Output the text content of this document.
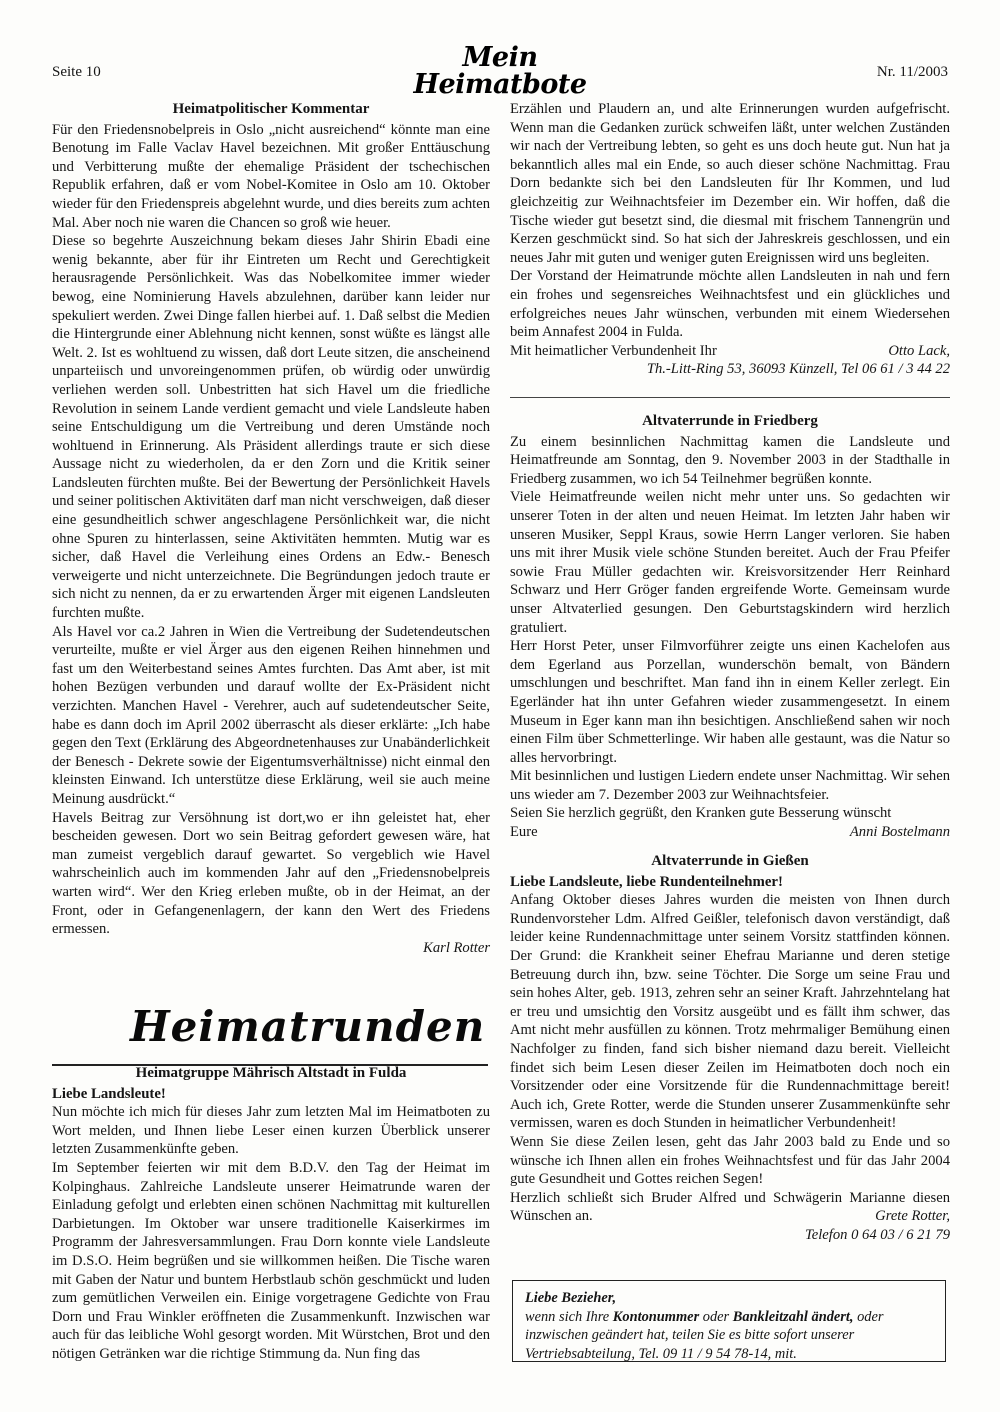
Seite 10	Mein Heimatbote	Nr. 11/2003
Heimatpolitischer Kommentar

Für den Friedensnobelpreis in Oslo „nicht ausreichend“ könnte man eine Benotung im Falle Vaclav Havel bezeichnen. Mit großer Enttäuschung und Verbitterung mußte der ehemalige Präsident der tschechischen Republik erfahren, daß er vom Nobel-Komitee in Oslo am 10. Oktober wieder für den Friedenspreis abgelehnt wurde, und dies bereits zum achten Mal. Aber noch nie waren die Chancen so groß wie heuer.

Diese so begehrte Auszeichnung bekam dieses Jahr Shirin Ebadi eine wenig bekannte, aber für ihr Eintreten um Recht und Gerechtigkeit herausragende Persönlichkeit. Was das Nobelkomitee immer wieder bewog, eine Nominierung Havels abzulehnen, darüber kann leider nur spekuliert werden. Zwei Dinge fallen hierbei auf. 1. Daß selbst die Medien die Hintergrunde einer Ablehnung nicht kennen, sonst wüßte es längst alle Welt. 2. Ist es wohltuend zu wissen, daß dort Leute sitzen, die anscheinend unparteiisch und unvoreingenommen prüfen, ob würdig oder unwürdig verliehen werden soll. Unbestritten hat sich Havel um die friedliche Revolution in seinem Lande verdient gemacht und viele Landsleute haben seine Entschuldigung um die Vertreibung und deren Umstände noch wohltuend in Erinnerung. Als Präsident allerdings traute er sich diese Aussage nicht zu wiederholen, da er den Zorn und die Kritik seiner Landsleuten fürchten mußte. Bei der Bewertung der Persönlichkeit Havels und seiner politischen Aktivitäten darf man nicht verschweigen, daß dieser eine gesundheitlich schwer angeschlagene Persönlichkeit war, die nicht ohne Spuren zu hinterlassen, seine Aktivitäten hemmten. Mutig war es sicher, daß Havel die Verleihung eines Ordens an Edw.- Benesch verweigerte und nicht unterzeichnete. Die Begründungen jedoch traute er sich nicht zu nennen, da er zu erwartenden Ärger mit eigenen Landsleuten furchten mußte.

Als Havel vor ca.2 Jahren in Wien die Vertreibung der Sudetendeutschen verurteilte, mußte er viel Ärger aus den eigenen Reihen hinnehmen und fast um den Weiterbestand seines Amtes furchten. Das Amt aber, ist mit hohen Bezügen verbunden und darauf wollte der Ex-Präsident nicht verzichten. Manchen Havel - Verehrer, auch auf sudetendeutscher Seite, habe es dann doch im April 2002 überrascht als dieser erklärte: „Ich habe gegen den Text (Erklärung des Abgeordnetenhauses zur Unabänderlichkeit der Benesch - Dekrete sowie der Eigentumsverhältnisse) nicht einmal den kleinsten Einwand. Ich unterstütze diese Erklärung, weil sie auch meine Meinung ausdrückt.“

Havels Beitrag zur Versöhnung ist dort,wo er ihn geleistet hat, eher bescheiden gewesen. Dort wo sein Beitrag gefordert gewesen wäre, hat man zumeist vergeblich darauf gewartet. So vergeblich wie Havel wahrscheinlich auch im kommenden Jahr auf den „Friedensnobelpreis warten wird“. Wer den Krieg erleben mußte, ob in der Heimat, an der Front, oder in Gefangenenlagern, der kann den Wert des Friedens ermessen.

Karl Rotter
Heimatrunden
Heimatgruppe Mährisch Altstadt in Fulda

Liebe Landsleute!

Nun möchte ich mich für dieses Jahr zum letzten Mal im Heimatboten zu Wort melden, und Ihnen liebe Leser einen kurzen Überblick unserer letzten Zusammenkünfte geben.

Im September feierten wir mit dem B.D.V. den Tag der Heimat im Kolpinghaus. Zahlreiche Landsleute unserer Heimatrunde waren der Einladung gefolgt und erlebten einen schönen Nachmittag mit kulturellen Darbietungen. Im Oktober war unsere traditionelle Kaiserkirmes im Programm der Jahresversammlungen. Frau Dorn konnte viele Landsleute im D.S.O. Heim begrüßen und sie willkommen heißen. Die Tische waren mit Gaben der Natur und buntem Herbstlaub schön geschmückt und luden zum gemütlichen Verweilen ein. Einige vorgetragene Gedichte von Frau Dorn und Frau Winkler eröffneten die Zusammenkunft. Inzwischen war auch für das leibliche Wohl gesorgt worden. Mit Würstchen, Brot und den nötigen Getränken war die richtige Stimmung da. Nun fing das

Erzählen und Plaudern an, und alte Erinnerungen wurden aufgefrischt. Wenn man die Gedanken zurück schweifen läßt, unter welchen Zuständen wir nach der Vertreibung lebten, so geht es uns doch heute gut. Nun hat ja bekanntlich alles mal ein Ende, so auch dieser schöne Nachmittag. Frau Dorn bedankte sich bei den Landsleuten für Ihr Kommen, und lud gleichzeitig zur Weihnachtsfeier im Dezember ein. Wir hoffen, daß die Tische wieder gut besetzt sind, die diesmal mit frischem Tannengrün und Kerzen geschmückt sind. So hat sich der Jahreskreis geschlossen, und ein neues Jahr mit guten und weniger guten Ereignissen wird uns begleiten.

Der Vorstand der Heimatrunde möchte allen Landsleuten in nah und fern ein frohes und segensreiches Weihnachtsfest und ein glückliches und erfolgreiches neues Jahr wünschen, verbunden mit einem Wiedersehen beim Annafest 2004 in Fulda.

Mit heimatlicher Verbundenheit Ihr	Otto Lack,
Th.-Litt-Ring 53, 36093 Künzell, Tel 06 61 / 3 44 22
Altvaterrunde in Friedberg

Zu einem besinnlichen Nachmittag kamen die Landsleute und Heimatfreunde am Sonntag, den 9. November 2003 in der Stadthalle in Friedberg zusammen, wo ich 54 Teilnehmer begrüßen konnte.

Viele Heimatfreunde weilen nicht mehr unter uns. So gedachten wir unserer Toten in der alten und neuen Heimat. Im letzten Jahr haben wir unseren Musiker, Seppl Kraus, sowie Herrn Langer verloren. Sie haben uns mit ihrer Musik viele schöne Stunden bereitet. Auch der Frau Pfeifer sowie Frau Müller gedachten wir. Kreisvorsitzender Herr Reinhard Schwarz und Herr Gröger fanden ergreifende Worte. Gemeinsam wurde unser Altvaterlied gesungen. Den Geburtstagskindern wird herzlich gratuliert.

Herr Horst Peter, unser Filmvorführer zeigte uns einen Kachelofen aus dem Egerland aus Porzellan, wunderschön bemalt, von Bändern umschlungen und beschriftet. Man fand ihn in einem Keller zerlegt. Ein Egerländer hat ihn unter Gefahren wieder zusammengesetzt. In einem Museum in Eger kann man ihn besichtigen. Anschließend sahen wir noch einen Film über Schmetterlinge. Wir haben alle gestaunt, was die Natur so alles hervorbringt.

Mit besinnlichen und lustigen Liedern endete unser Nachmittag. Wir sehen uns wieder am 7. Dezember 2003 zur Weihnachtsfeier.

Seien Sie herzlich gegrüßt, den Kranken gute Besserung wünscht

Eure	Anni Bostelmann
Altvaterrunde in Gießen

Liebe Landsleute, liebe Rundenteilnehmer!

Anfang Oktober dieses Jahres wurden die meisten von Ihnen durch Rundenvorsteher Ldm. Alfred Geißler, telefonisch davon verständigt, daß leider keine Rundennachmittage unter seinem Vorsitz stattfinden können. Der Grund: die Krankheit seiner Ehefrau Marianne und deren stetige Betreuung durch ihn, bzw. seine Töchter. Die Sorge um seine Frau und sein hohes Alter, geb. 1913, zehren sehr an seiner Kraft. Jahrzehntelang hat er treu und umsichtig den Vorsitz ausgeübt und es fällt ihm schwer, das Amt nicht mehr ausfüllen zu können. Trotz mehrmaliger Bemühung einen Nachfolger zu finden, fand sich bisher niemand dazu bereit. Vielleicht findet sich beim Lesen dieser Zeilen im Heimatboten doch noch ein Vorsitzender oder eine Vorsitzende für die Rundennachmittage bereit! Auch ich, Grete Rotter, werde die Stunden unserer Zusammenkünfte sehr vermissen, waren es doch Stunden in heimatlicher Verbundenheit!

Wenn Sie diese Zeilen lesen, geht das Jahr 2003 bald zu Ende und so wünsche ich Ihnen allen ein frohes Weihnachtsfest und für das Jahr 2004 gute Gesundheit und Gottes reichen Segen!

Herzlich schließt sich Bruder Alfred und Schwägerin Marianne diesen Wünschen an.	Grete Rotter,
Telefon 0 64 03 / 6 21 79
Liebe Bezieher,
wenn sich Ihre Kontonummer oder Bankleitzahl ändert, oder inzwischen geändert hat, teilen Sie es bitte sofort unserer Vertriebsabteilung, Tel. 09 11 / 9 54 78-14, mit.
